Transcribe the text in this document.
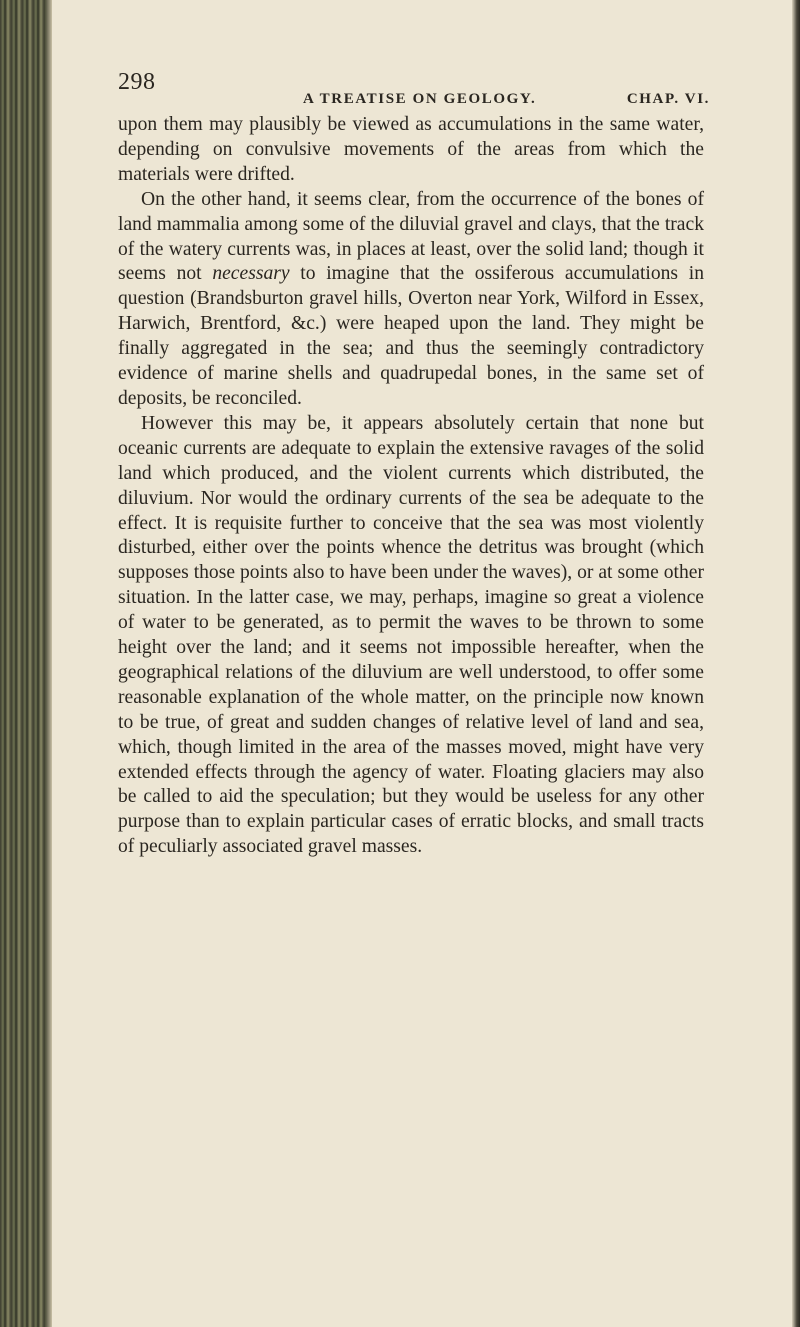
298
A TREATISE ON GEOLOGY.	CHAP. VI.

upon them may plausibly be viewed as accumulations in the same water, depending on convulsive movements of the areas from which the materials were drifted.

On the other hand, it seems clear, from the occurrence of the bones of land mammalia among some of the diluvial gravel and clays, that the track of the watery currents was, in places at least, over the solid land; though it seems not necessary to imagine that the ossiferous accumulations in question (Brandsburton gravel hills, Overton near York, Wilford in Essex, Harwich, Brentford, &c.) were heaped upon the land. They might be finally aggregated in the sea; and thus the seemingly contradictory evidence of marine shells and quadrupedal bones, in the same set of deposits, be reconciled.

However this may be, it appears absolutely certain that none but oceanic currents are adequate to explain the extensive ravages of the solid land which produced, and the violent currents which distributed, the diluvium. Nor would the ordinary currents of the sea be adequate to the effect. It is requisite further to conceive that the sea was most violently disturbed, either over the points whence the detritus was brought (which supposes those points also to have been under the waves), or at some other situation. In the latter case, we may, perhaps, imagine so great a violence of water to be generated, as to permit the waves to be thrown to some height over the land; and it seems not impossible hereafter, when the geographical relations of the diluvium are well understood, to offer some reasonable explanation of the whole matter, on the principle now known to be true, of great and sudden changes of relative level of land and sea, which, though limited in the area of the masses moved, might have very extended effects through the agency of water. Floating glaciers may also be called to aid the speculation; but they would be useless for any other purpose than to explain particular cases of erratic blocks, and small tracts of peculiarly associated gravel masses.
